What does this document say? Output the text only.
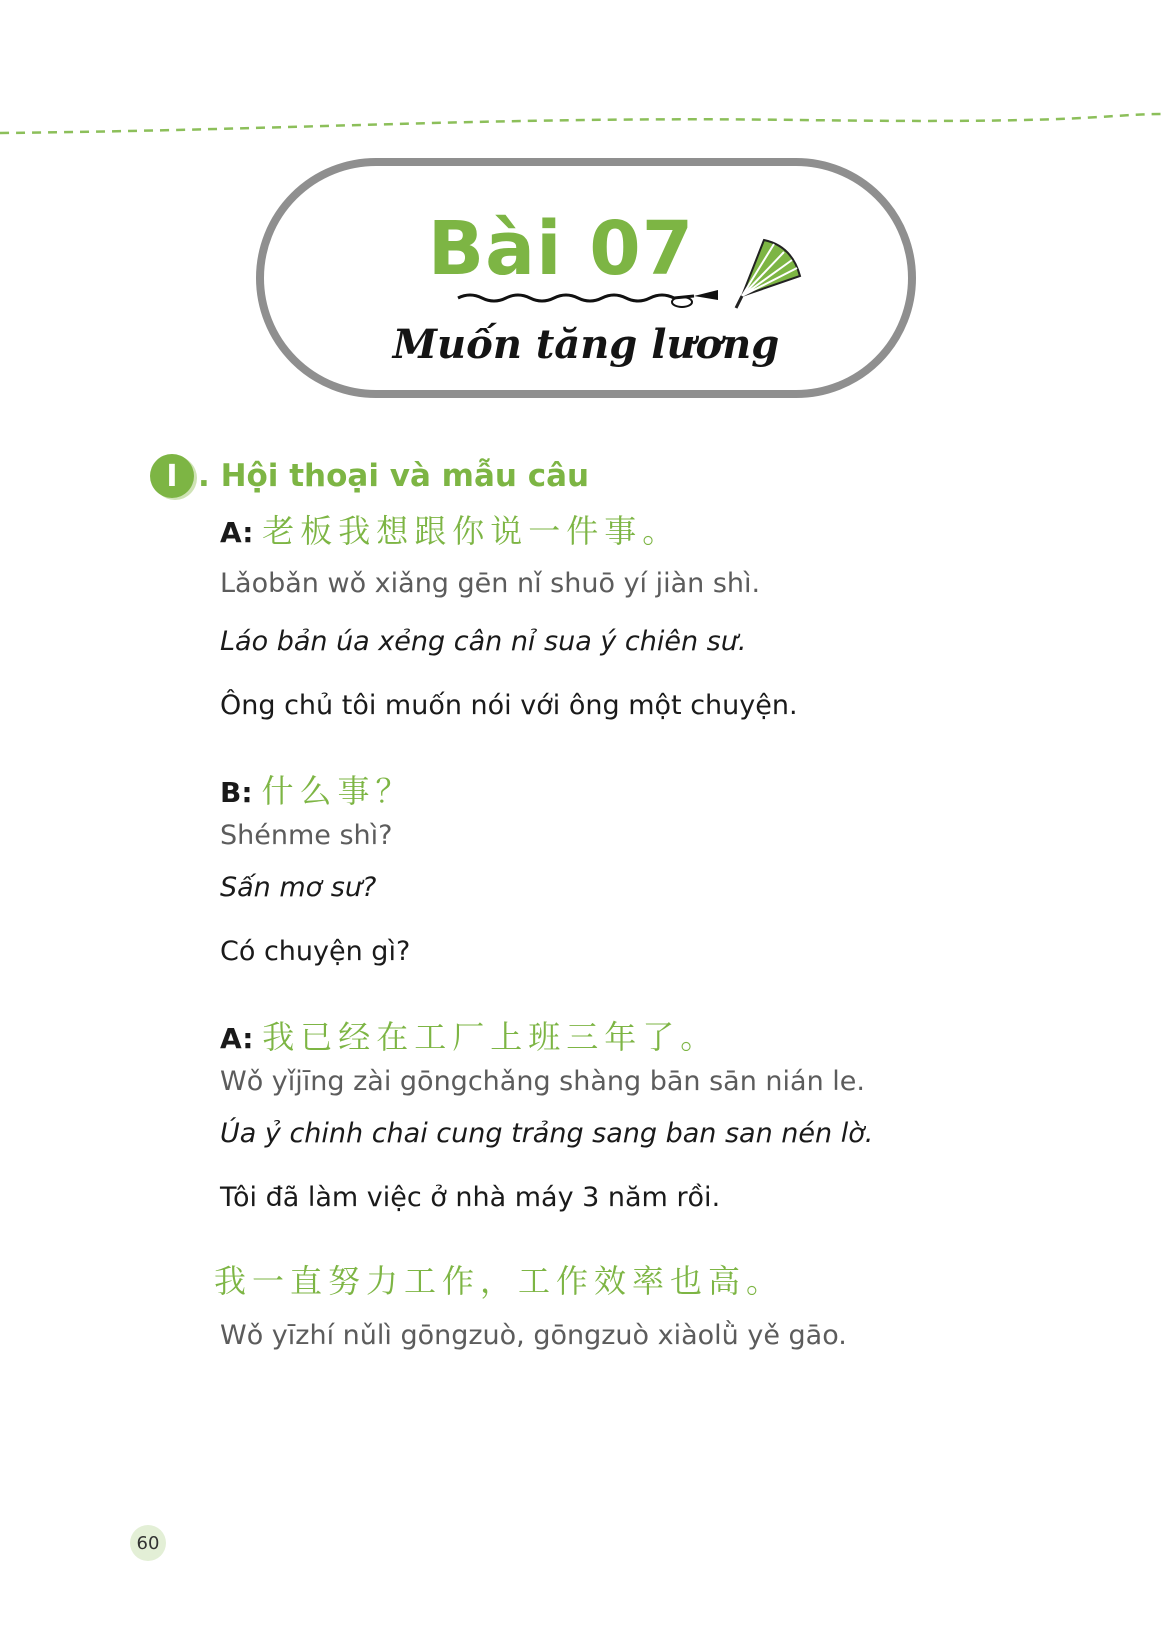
Bài 07
Muốn tăng lương
I . Hội thoại và mẫu câu
A: 老板我想跟你说一件事。
Lǎobǎn wǒ xiǎng gēn nǐ shuō yí jiàn shì.
Láo bản úa xẻng cân nỉ sua ý chiên sư.
Ông chủ tôi muốn nói với ông một chuyện.
B: 什么事？
Shénme shì?
Sấn mơ sư?
Có chuyện gì?
A: 我已经在工厂上班三年了。
Wǒ yǐjīng zài gōngchǎng shàng bān sān nián le.
Úa ỷ chinh chai cung trảng sang ban san nén lờ.
Tôi đã làm việc ở nhà máy 3 năm rồi.
我一直努力工作，工作效率也高。
Wǒ yīzhí nǔlì gōngzuò, gōngzuò xiàolǜ yě gāo.
60
